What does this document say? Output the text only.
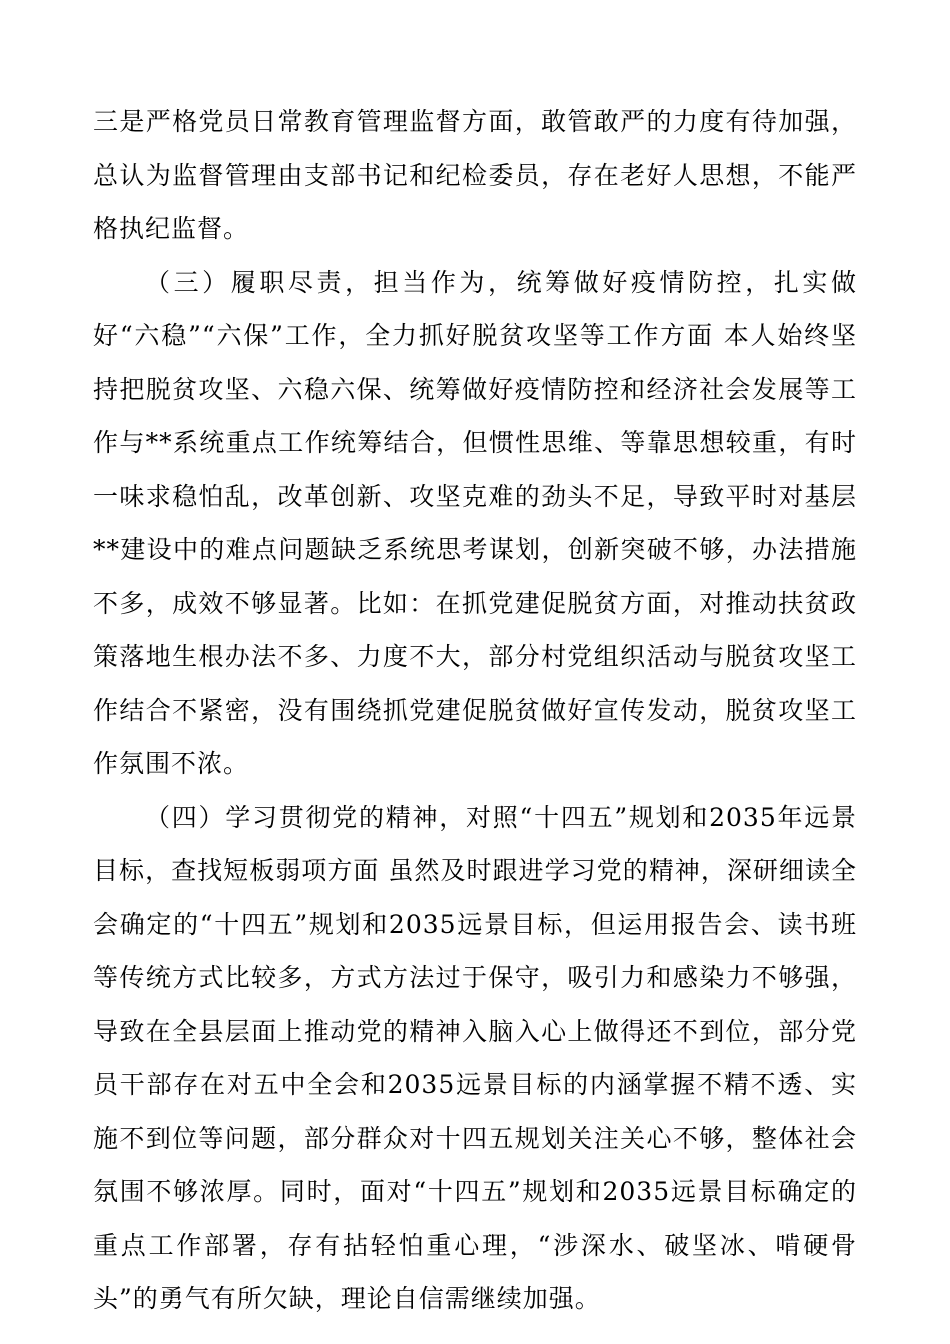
三是严格党员日常教育管理监督方面，敢管敢严的力度有待加强，总认为监督管理由支部书记和纪检委员，存在老好人思想，不能严格执纪监督。

（三）履职尽责，担当作为，统筹做好疫情防控，扎实做好“六稳”“六保”工作，全力抓好脱贫攻坚等工作方面 本人始终坚持把脱贫攻坚、六稳六保、统筹做好疫情防控和经济社会发展等工作与**系统重点工作统筹结合，但惯性思维、等靠思想较重，有时一味求稳怕乱，改革创新、攻坚克难的劲头不足，导致平时对基层**建设中的难点问题缺乏系统思考谋划，创新突破不够，办法措施不多，成效不够显著。比如：在抓党建促脱贫方面，对推动扶贫政策落地生根办法不多、力度不大，部分村党组织活动与脱贫攻坚工作结合不紧密，没有围绕抓党建促脱贫做好宣传发动，脱贫攻坚工作氛围不浓。

（四）学习贯彻党的精神，对照“十四五”规划和2035年远景目标，查找短板弱项方面 虽然及时跟进学习党的精神，深研细读全会确定的“十四五”规划和2035远景目标，但运用报告会、读书班等传统方式比较多，方式方法过于保守，吸引力和感染力不够强，导致在全县层面上推动党的精神入脑入心上做得还不到位，部分党员干部存在对五中全会和2035远景目标的内涵掌握不精不透、实施不到位等问题，部分群众对十四五规划关注关心不够，整体社会氛围不够浓厚。同时，面对“十四五”规划和2035远景目标确定的重点工作部署，存有拈轻怕重心理，“涉深水、破坚冰、啃硬骨头”的勇气有所欠缺，理论自信需继续加强。
